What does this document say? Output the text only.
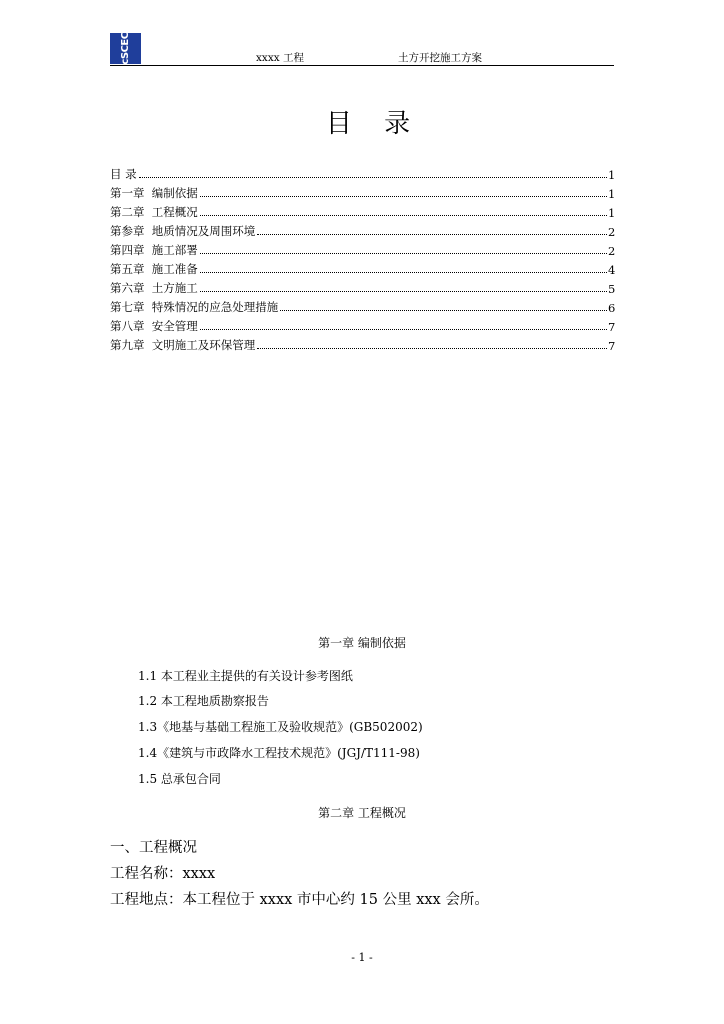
cSCEC	xxxx 工程	土方开挖施工方案
目 录
目 录	1
第一章  编制依据	1
第二章  工程概况	1
第参章  地质情况及周围环境	2
第四章  施工部署	2
第五章  施工准备	4
第六章  土方施工	5
第七章  特殊情况的应急处理措施	6
第八章  安全管理	7
第九章  文明施工及环保管理	7
第一章 编制依据
1.1 本工程业主提供的有关设计参考图纸
1.2 本工程地质勘察报告
1.3《地基与基础工程施工及验收规范》(GB502002)
1.4《建筑与市政降水工程技术规范》(JGJ/T111-98)
1.5 总承包合同
第二章 工程概况
一、工程概况
工程名称：xxxx
工程地点：本工程位于 xxxx 市中心约 15 公里 xxx 会所。
- 1 -
